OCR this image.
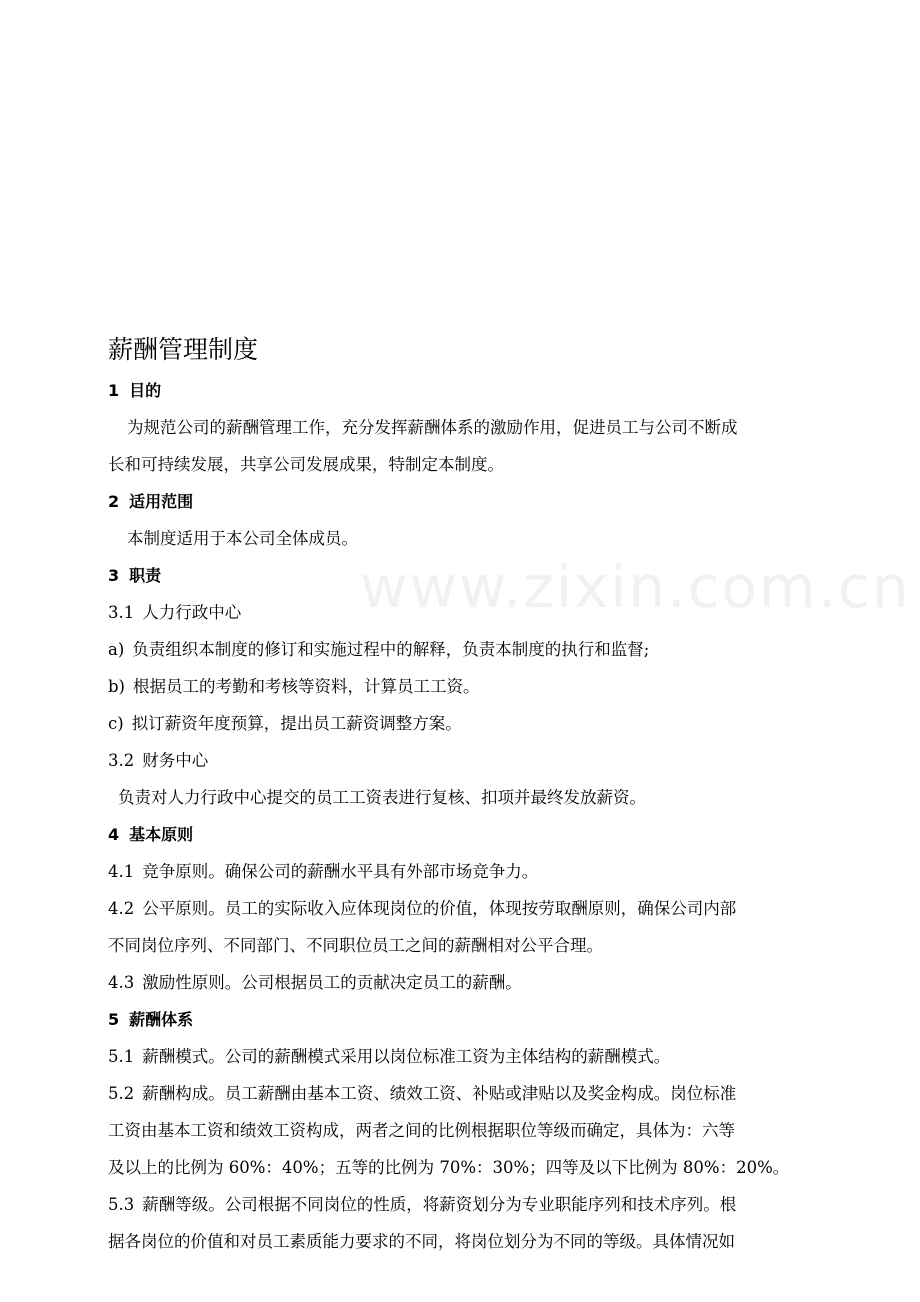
www.zixin.com.cn
薪酬管理制度
1 目的
为规范公司的薪酬管理工作，充分发挥薪酬体系的激励作用，促进员工与公司不断成
长和可持续发展，共享公司发展成果，特制定本制度。
2 适用范围
本制度适用于本公司全体成员。
3 职责
3.1 人力行政中心
a) 负责组织本制度的修订和实施过程中的解释，负责本制度的执行和监督;
b) 根据员工的考勤和考核等资料，计算员工工资。
c) 拟订薪资年度预算，提出员工薪资调整方案。
3.2 财务中心
负责对人力行政中心提交的员工工资表进行复核、扣项并最终发放薪资。
4 基本原则
4.1 竞争原则。确保公司的薪酬水平具有外部市场竞争力。
4.2 公平原则。员工的实际收入应体现岗位的价值，体现按劳取酬原则，确保公司内部
不同岗位序列、不同部门、不同职位员工之间的薪酬相对公平合理。
4.3 激励性原则。公司根据员工的贡献决定员工的薪酬。
5 薪酬体系
5.1 薪酬模式。公司的薪酬模式采用以岗位标准工资为主体结构的薪酬模式。
5.2 薪酬构成。员工薪酬由基本工资、绩效工资、补贴或津贴以及奖金构成。岗位标准
工资由基本工资和绩效工资构成，两者之间的比例根据职位等级而确定，具体为：六等
及以上的比例为 60%：40%；五等的比例为 70%：30%；四等及以下比例为 80%：20%。
5.3 薪酬等级。公司根据不同岗位的性质，将薪资划分为专业职能序列和技术序列。根
据各岗位的价值和对员工素质能力要求的不同，将岗位划分为不同的等级。具体情况如
